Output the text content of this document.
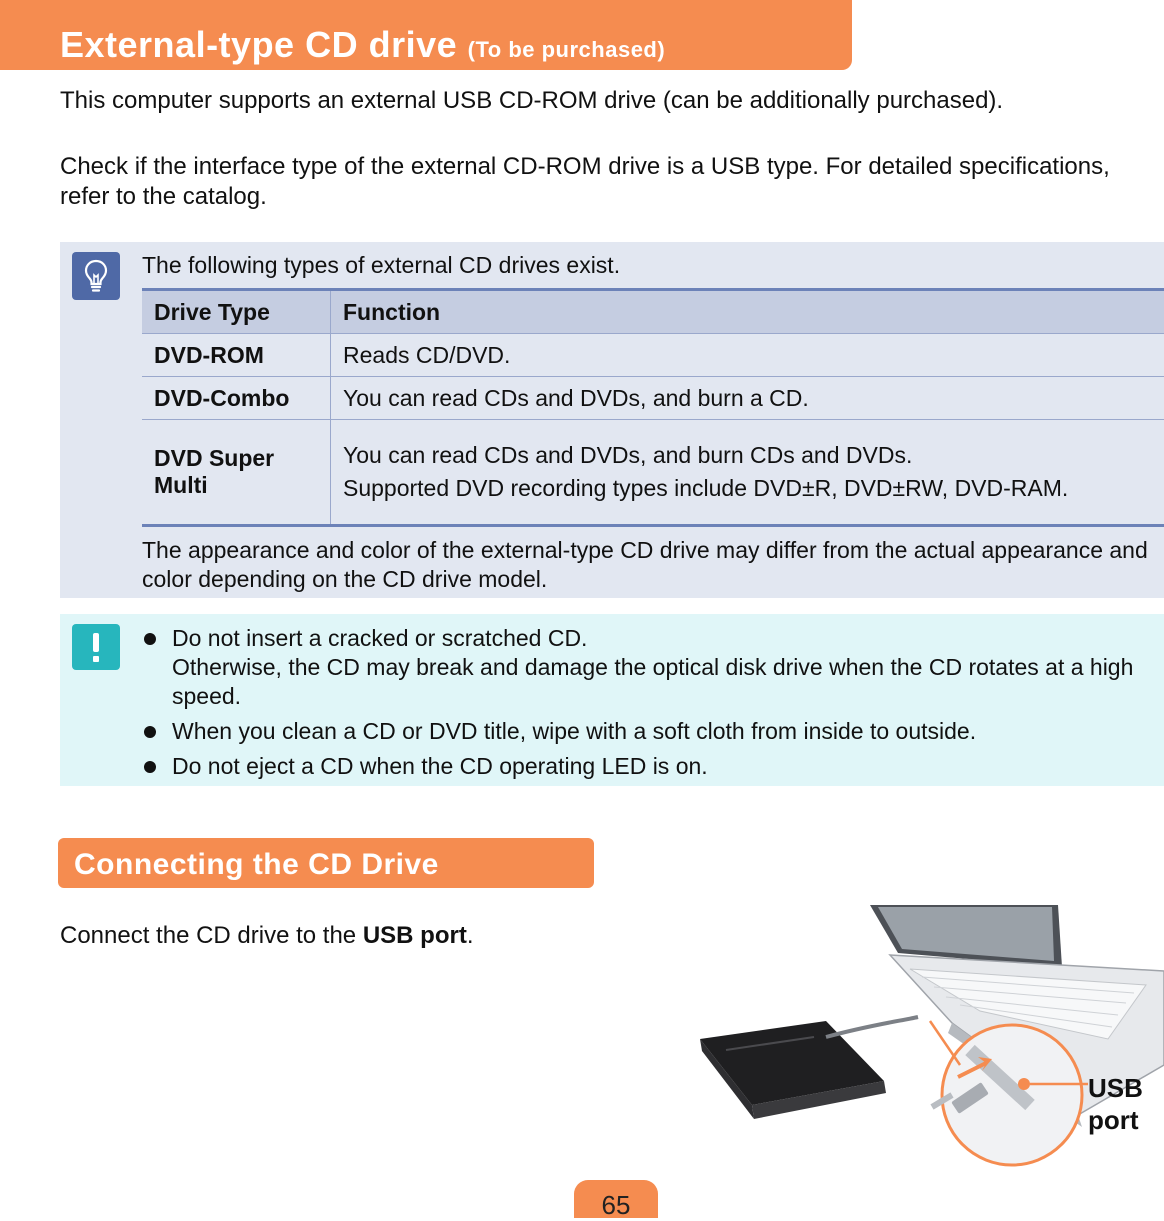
External-type CD drive (To be purchased)
This computer supports an external USB CD-ROM drive (can be additionally purchased).
Check if the interface type of the external CD-ROM drive is a USB type. For detailed specifications, refer to the catalog.
The following types of external CD drives exist.
Drive Type	Function
DVD-ROM	Reads CD/DVD.
DVD-Combo	You can read CDs and DVDs, and burn a CD.
DVD Super Multi	You can read CDs and DVDs, and burn CDs and DVDs.
Supported DVD recording types include DVD±R, DVD±RW, DVD-RAM.
The appearance and color of the external-type CD drive may differ from the actual appearance and color depending on the CD drive model.
Do not insert a cracked or scratched CD.
Otherwise, the CD may break and damage the optical disk drive when the CD rotates at a high speed.
When you clean a CD or DVD title, wipe with a soft cloth from inside to outside.
Do not eject a CD when the CD operating LED is on.
Connecting the CD Drive
Connect the CD drive to the USB port.
USB
port
65
